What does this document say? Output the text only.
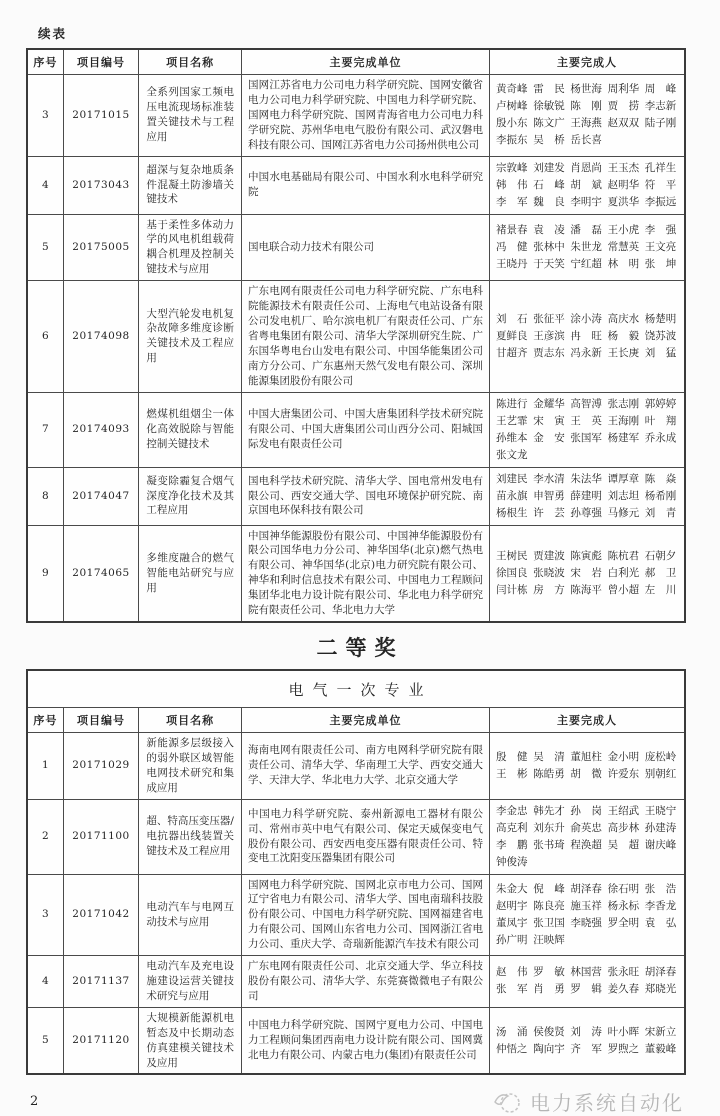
续表
序号	项目编号	项目名称	主要完成单位	主要完成人
3	20171015	全系列国家工频电压电流现场标准装置关键技术与工程应用	国网江苏省电力公司电力科学研究院、国网安徽省电力公司电力科学研究院、中国电力科学研究院、国网电力科学研究院、国网青海省电力公司电力科学研究院、苏州华电电气股份有限公司、武汉磐电科技有限公司、国网江苏省电力公司扬州供电公司	
黄奇峰 雷　民 杨世海 周利华 周　峰
卢树峰 徐敏锐 陈　刚 贾　捞 李志新
殷小东 陈文广 王海燕 赵双双 陆子刚
李振东 吴　桥 岳长喜

4	20173043	超深与复杂地质条件混凝土防渗墙关键技术	中国水电基础局有限公司、中国水利水电科学研究院	
宗敦峰 刘建发 肖恩尚 王玉杰 孔祥生
韩　伟 石　峰 胡　斌 赵明华 符　平
李　军 魏　良 李明宇 夏洪华 李振远

5	20175005	基于柔性多体动力学的风电机组载荷耦合机理及控制关键技术与应用	国电联合动力技术有限公司	
褚景春 袁　凌 潘　磊 王小虎 李　强
冯　健 张林中 朱世龙 常慧英 王文亮
王晓丹 于天笑 宁红超 林　明 张　坤

6	20174098	大型汽轮发电机复杂故障多维度诊断关键技术及工程应用	广东电网有限责任公司电力科学研究院、广东电科院能源技术有限责任公司、上海电气电站设备有限公司发电机厂、哈尔滨电机厂有限责任公司、广东省粤电集团有限公司、清华大学深圳研究生院、广东国华粤电台山发电有限公司、中国华能集团公司南方分公司、广东惠州天然气发电有限公司、深圳能源集团股份有限公司	
刘　石 张征平 涂小涛 高庆水 杨楚明
夏鲜良 王彦滨 冉　旺 杨　毅 饶苏波
甘超齐 贾志东 冯永新 王长庚 刘　猛

7	20174093	燃煤机组烟尘一体化高效脱除与智能控制关键技术	中国大唐集团公司、中国大唐集团科学技术研究院有限公司、中国大唐集团公司山西分公司、阳城国际发电有限责任公司	
陈进行 金耀华 高智溥 张志刚 郭婷婷
王艺霏 宋　寅 王　英 王海刚 叶　翔
孙维本 金　安 张国军 杨建军 乔永成
张文龙

8	20174047	凝变除霾复合烟气深度净化技术及其工程应用	国电科学技术研究院、清华大学、国电常州发电有限公司、西安交通大学、国电环境保护研究院、南京国电环保科技有限公司	
刘建民 李水清 朱法华 谭厚章 陈　焱
苗永旗 申智勇 薛建明 刘志坦 杨希刚
杨根生 许　芸 孙尊强 马修元 刘　青

9	20174065	多维度融合的燃气智能电站研究与应用	中国神华能源股份有限公司、中国神华能源股份有限公司国华电力分公司、神华国华(北京)燃气热电有限公司、神华国华(北京)电力研究院有限公司、神华和利时信息技术有限公司、中国电力工程顾问集团华北电力设计院有限公司、华北电力科学研究院有限责任公司、华北电力大学	
王树民 贾建波 陈寅彪 陈杭君 石朝夕
徐国良 张晓波 宋　岩 白利光 郝　卫
闫计栋 房　方 陈海平 曾小超 左　川
二等奖
电气一次专业				
序号	项目编号	项目名称	主要完成单位	主要完成人
1	20171029	新能源多层级接入的弱外联区域智能电网技术研究和集成应用	海南电网有限责任公司、南方电网科学研究院有限责任公司、清华大学、华南理工大学、西安交通大学、天津大学、华北电力大学、北京交通大学	
殷　健 吴　清 董旭柱 金小明 庞松岭
王　彬 陈皓勇 胡　微 许爱东 别朝红

2	20171100	超、特高压变压器/电抗器出线装置关键技术及工程应用	中国电力科学研究院、泰州新源电工器材有限公司、常州市英中电气有限公司、保定天威保变电气股份有限公司、西安西电变压器有限责任公司、特变电工沈阳变压器集团有限公司	
李金忠 韩先才 孙　岗 王绍武 王晓宁
高克利 刘东升 俞英忠 高步林 孙建涛
李　鹏 张书琦 程涣超 吴　超 谢庆峰
钟俊涛

3	20171042	电动汽车与电网互动技术与应用	国网电力科学研究院、国网北京市电力公司、国网辽宁省电力有限公司、清华大学、国电南瑞科技股份有限公司、中国电力科学研究院、国网福建省电力有限公司、国网山东省电力公司、国网浙江省电力公司、重庆大学、奇瑞新能源汽车技术有限公司	
朱金大 倪　峰 胡泽春 徐石明 张　浩
赵明宇 陈良亮 施玉祥 杨永标 李香龙
董凤宇 张卫国 李晓强 罗全明 袁　弘
孙广明 汪映辉

4	20171137	电动汽车及充电设施建设运营关键技术研究与应用	广东电网有限责任公司、北京交通大学、华立科技股份有限公司、清华大学、东莞赛微微电子有限公司	
赵　伟 罗　敏 林国营 张永旺 胡泽春
张　军 肖　勇 罗　辑 姜久春 郑晓光

5	20171120	大规模新能源机电暂态及中长期动态仿真建模关键技术及应用	中国电力科学研究院、国网宁夏电力公司、中国电力工程顾问集团西南电力设计院有限公司、国网冀北电力有限公司、内蒙古电力(集团)有限责任公司	
汤　涌 侯俊贤 刘　涛 叶小晖 宋新立
仲悟之 陶向宇 齐　军 罗煦之 董毅峰
2	电力系统自动化
